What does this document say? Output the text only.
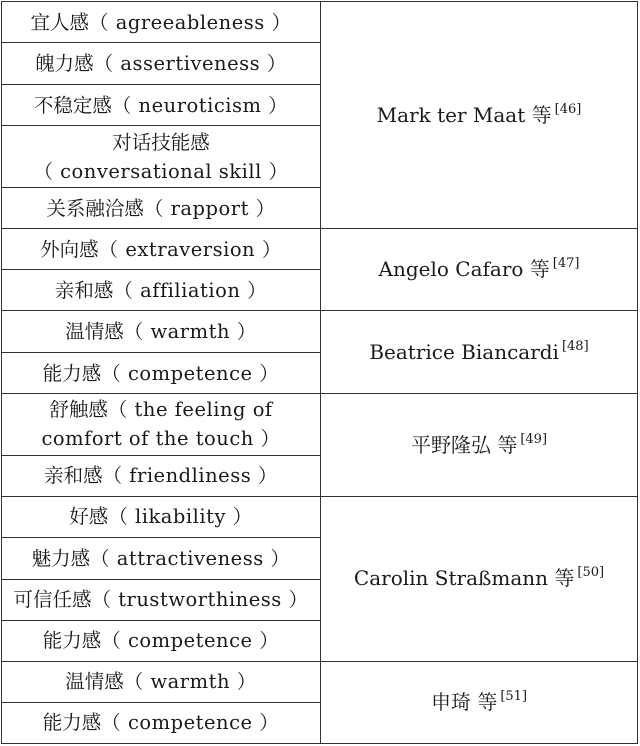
宜人感（ agreeableness ）	Mark ter Maat 等 [46]
魄力感（ assertiveness ）	
不稳定感（ neuroticism ）	
对话技能感
（ conversational skill ）	
关系融洽感（ rapport ）	
外向感（ extraversion ）	Angelo Cafaro 等 [47]
亲和感（ affiliation ）	
温情感（ warmth ）	Beatrice Biancardi [48]
能力感（ competence ）	
舒触感（ the feeling of comfort of the touch ）	平野隆弘 等 [49]
亲和感（ friendliness ）	
好感（ likability ）	Carolin Straßmann 等 [50]
魅力感（ attractiveness ）	
可信任感（ trustworthiness ）	
能力感（ competence ）	
温情感（ warmth ）	申琦 等 [51]
能力感（ competence ）	
